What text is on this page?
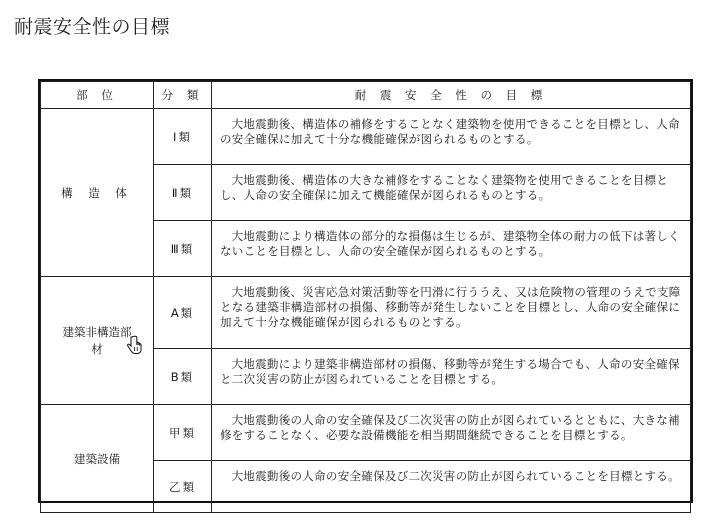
耐震安全性の目標
部 位	分 類	耐 震 安 全 性 の 目 標
構 造 体	Ⅰ類	大地震動後、構造体の補修をすることなく建築物を使用できることを目標とし、人命の安全確保に加えて十分な機能確保が図られるものとする。

	Ⅱ類	大地震動後、構造体の大きな補修をすることなく建築物を使用できることを目標とし、人命の安全確保に加えて機能確保が図られるものとする。

	Ⅲ類	大地震動により構造体の部分的な損傷は生じるが、建築物全体の耐力の低下は著しくないことを目標とし、人命の安全確保が図られるものとする。

建築非構造部材	A類	大地震動後、災害応急対策活動等を円滑に行ううえ、又は危険物の管理のうえで支障となる建築非構造部材の損傷、移動等が発生しないことを目標とし、人命の安全確保に加えて十分な機能確保が図られるものとする。

	B類	大地震動により建築非構造部材の損傷、移動等が発生する場合でも、人命の安全確保と二次災害の防止が図られていることを目標とする。

建築設備	甲類	大地震動後の人命の安全確保及び二次災害の防止が図られているとともに、大きな補修をすることなく、必要な設備機能を相当期間継続できることを目標とする。

	乙類	大地震動後の人命の安全確保及び二次災害の防止が図られていることを目標とする。
